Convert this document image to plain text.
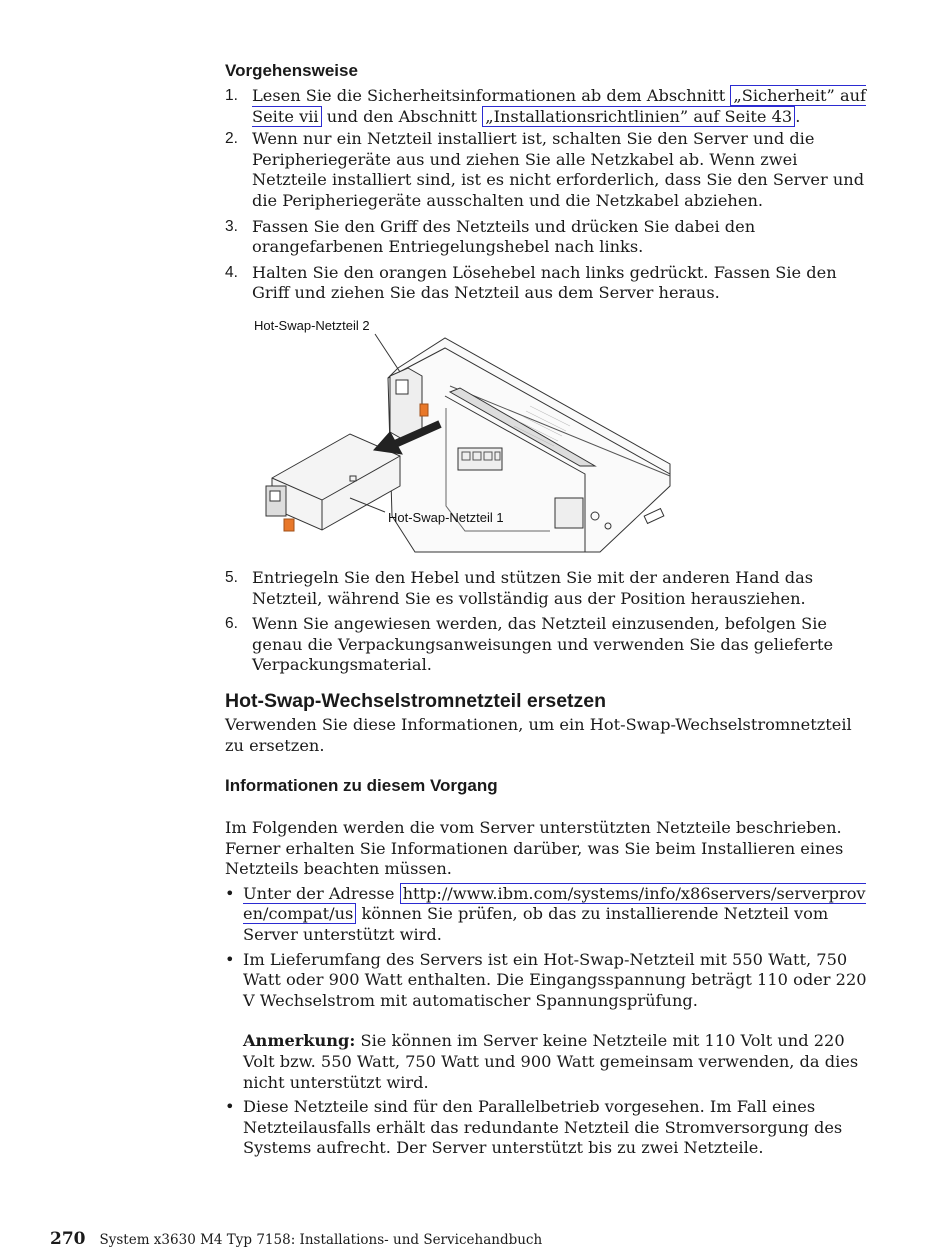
Vorgehensweise
1. Lesen Sie die Sicherheitsinformationen ab dem Abschnitt „Sicherheit” auf Seite vii und den Abschnitt „Installationsrichtlinien” auf Seite 43 .
2. Wenn nur ein Netzteil installiert ist, schalten Sie den Server und die Peripheriegeräte aus und ziehen Sie alle Netzkabel ab. Wenn zwei Netzteile installiert sind, ist es nicht erforderlich, dass Sie den Server und die Peripheriegeräte ausschalten und die Netzkabel abziehen.
3. Fassen Sie den Griff des Netzteils und drücken Sie dabei den orangefarbenen Entriegelungshebel nach links.
4. Halten Sie den orangen Lösehebel nach links gedrückt. Fassen Sie den Griff und ziehen Sie das Netzteil aus dem Server heraus.
Hot-Swap-Netzteil 2
Hot-Swap-Netzteil 1
5. Entriegeln Sie den Hebel und stützen Sie mit der anderen Hand das Netzteil, während Sie es vollständig aus der Position herausziehen.
6. Wenn Sie angewiesen werden, das Netzteil einzusenden, befolgen Sie genau die Verpackungsanweisungen und verwenden Sie das gelieferte Verpackungsmaterial.
Hot-Swap-Wechselstromnetzteil ersetzen
Verwenden Sie diese Informationen, um ein Hot-Swap-Wechselstromnetzteil zu ersetzen.
Informationen zu diesem Vorgang

Im Folgenden werden die vom Server unterstützten Netzteile beschrieben. Ferner erhalten Sie Informationen darüber, was Sie beim Installieren eines Netzteils beachten müssen.

• Unter der Adresse http://www.ibm.com/systems/info/x86servers/serverproven/compat/us können Sie prüfen, ob das zu installierende Netzteil vom Server unterstützt wird.
• Im Lieferumfang des Servers ist ein Hot-Swap-Netzteil mit 550 Watt, 750 Watt oder 900 Watt enthalten. Die Eingangsspannung beträgt 110 oder 220 V Wechselstrom mit automatischer Spannungsprüfung.
Anmerkung: Sie können im Server keine Netzteile mit 110 Volt und 220 Volt bzw. 550 Watt, 750 Watt und 900 Watt gemeinsam verwenden, da dies nicht unterstützt wird.
• Diese Netzteile sind für den Parallelbetrieb vorgesehen. Im Fall eines Netzteilausfalls erhält das redundante Netzteil die Stromversorgung des Systems aufrecht. Der Server unterstützt bis zu zwei Netzteile.
270 System x3630 M4 Typ 7158: Installations- und Servicehandbuch
